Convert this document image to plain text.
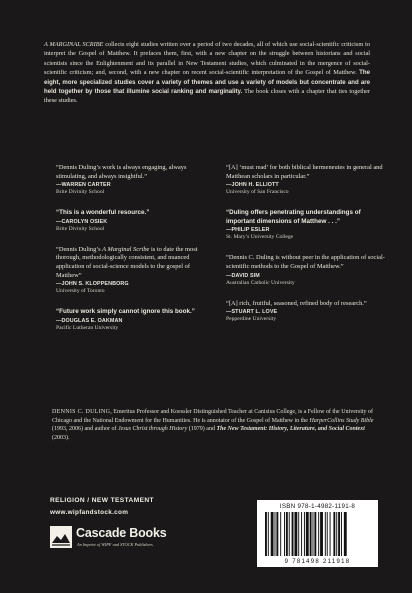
A MARGINAL SCRIBE collects eight studies written over a period of two decades, all of which use social-scientific criticism to interpret the Gospel of Matthew. It prefaces them, first, with a new chapter on the struggle between historians and social scientists since the Enlightenment and its parallel in New Testament studies, which culminated in the mergence of social-scientific criticism; and, second, with a new chapter on recent social-scientific interpretation of the Gospel of Matthew. The eight, more specialized studies cover a variety of themes and use a variety of models but concentrate and are held together by those that illumine social ranking and marginality. The book closes with a chapter that ties together these studies.
“Dennis Duling’s work is always engaging, always stimulating, and always insightful.”
—WARREN CARTER
Brite Divinity School
“This is a wonderful resource.”
—CAROLYN OSIEK
Brite Divinity School
“Dennis Duling’s A Marginal Scribe is to date the most thorough, methodologically consistent, and nuanced application of social-science models to the gospel of Matthew”
—JOHN S. KLOPPENBORG
University of Toronto
“Future work simply cannot ignore this book.”
—DOUGLAS E. OAKMAN
Pacific Lutheran University
“[A] ‘must read’ for both biblical hermeneutes in general and Matthean scholars in particular.”
—JOHN H. ELLIOTT
University of San Francisco
“Duling offers penetrating understandings of important dimensions of Matthew . . .”
—PHILIP ESLER
St. Mary’s University College
“Dennis C. Duling is without peer in the application of social-scientific methods to the Gospel of Matthew.”
—DAVID SIM
Australian Catholic University
“[A] rich, fruitful, seasoned, refined body of research.”
—STUART L. LOVE
Pepperdine University
DENNIS C. DULING, Emeritus Professor and Koessler Distinguished Teacher at Canisius College, is a Fellow of the University of Chicago and the National Endowment for the Humanities. He is annotator of the Gospel of Matthew in the HarperCollins Study Bible (1993, 2006) and author of Jesus Christ through History (1979) and The New Testament: History, Literature, and Social Context (2003).
RELIGION / NEW TESTAMENT
www.wipfandstock.com
Cascade Books
An Imprint of WIPF and STOCK Publishers
ISBN 978-1-4982-1191-8
9 781498 211918
